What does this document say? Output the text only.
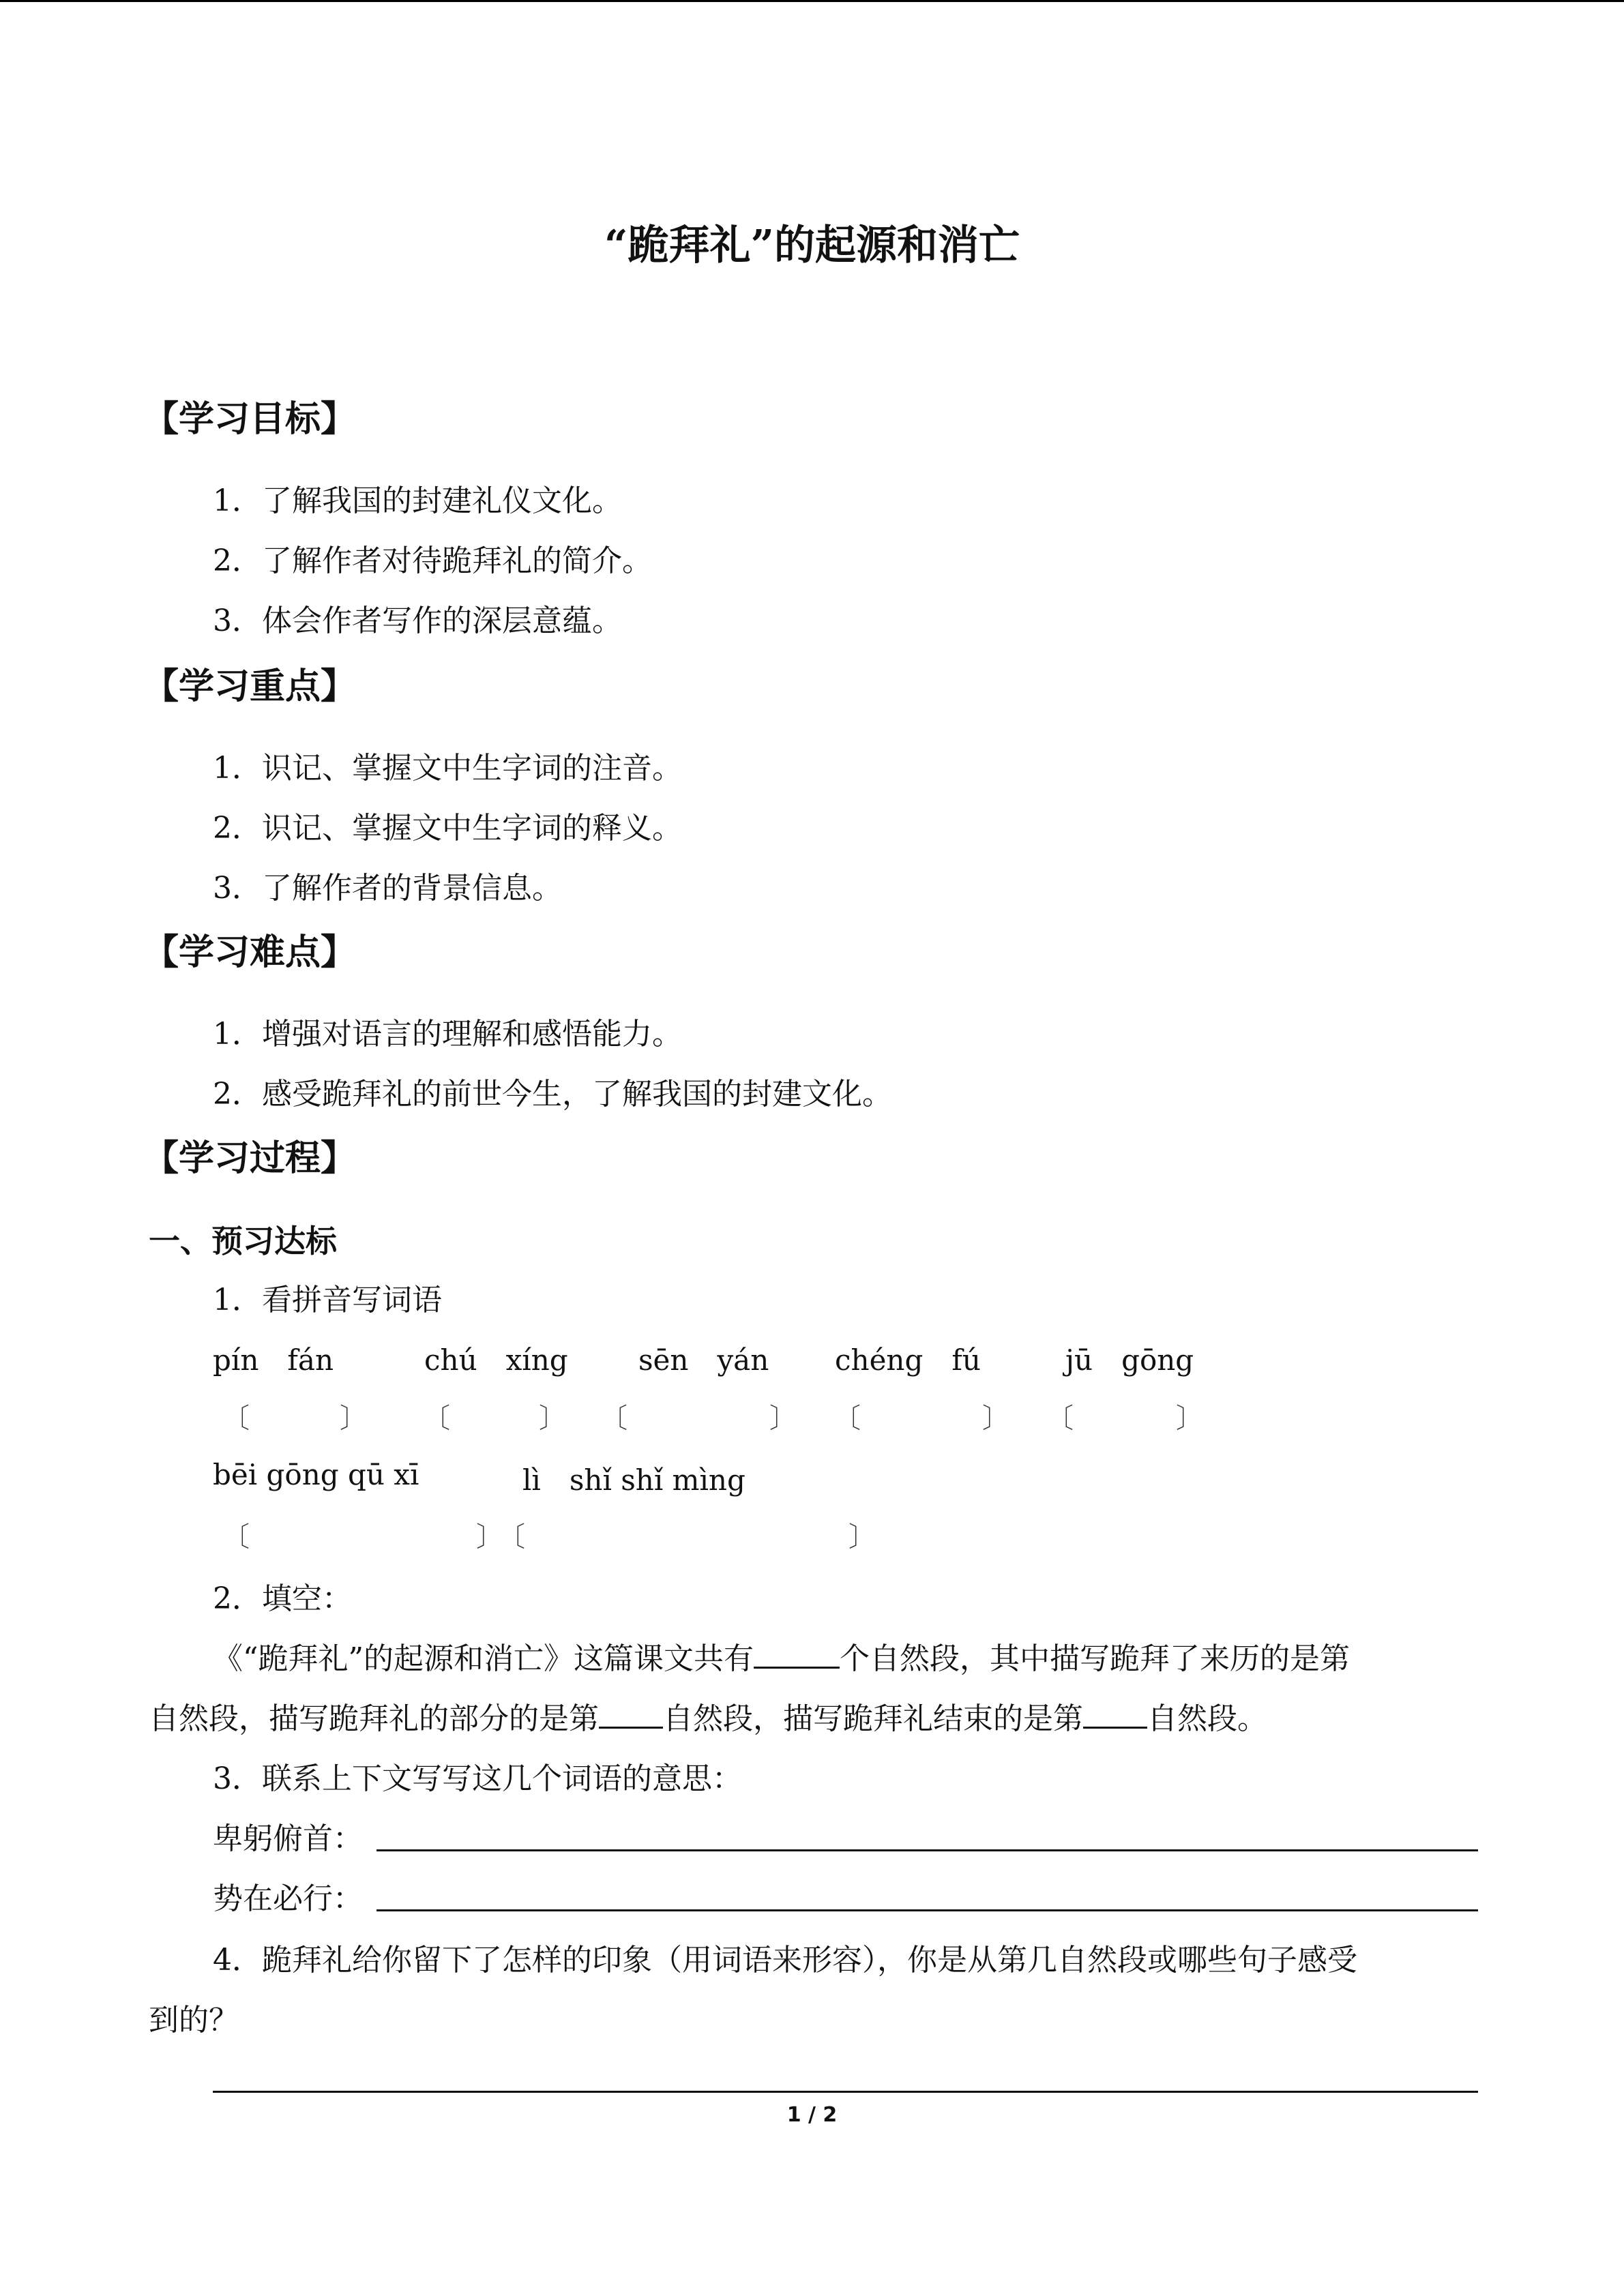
“跪拜礼”的起源和消亡
【学习目标】
1．了解我国的封建礼仪文化。
2．了解作者对待跪拜礼的简介。
3．体会作者写作的深层意蕴。
【学习重点】
1．识记、掌握文中生字词的注音。
2．识记、掌握文中生字词的释义。
3．了解作者的背景信息。
【学习难点】
1．增强对语言的理解和感悟能力。
2．感受跪拜礼的前世今生，了解我国的封建文化。
【学习过程】
一、预习达标
1．看拼音写词语
pín　fán	chú　xíng sēn　yán chéng　fú	jū　gōng
〔	〕 〔	〕 〔	〕 〔	〕 〔	〕
bēi gōng qū xī	lì　shǐ shǐ mìng
〔	〕
〔	〕
2．填空：
《“跪拜礼”的起源和消亡》这篇课文共有	个自然段，其中描写跪拜了来历的是第
自然段，描写跪拜礼的部分的是第 自然段，描写跪拜礼结束的是第 自然段。
3．联系上下文写写这几个词语的意思：
卑躬俯首：
势在必行：
4．跪拜礼给你留下了怎样的印象（用词语来形容），你是从第几自然段或哪些句子感受
到的？
1 / 2
